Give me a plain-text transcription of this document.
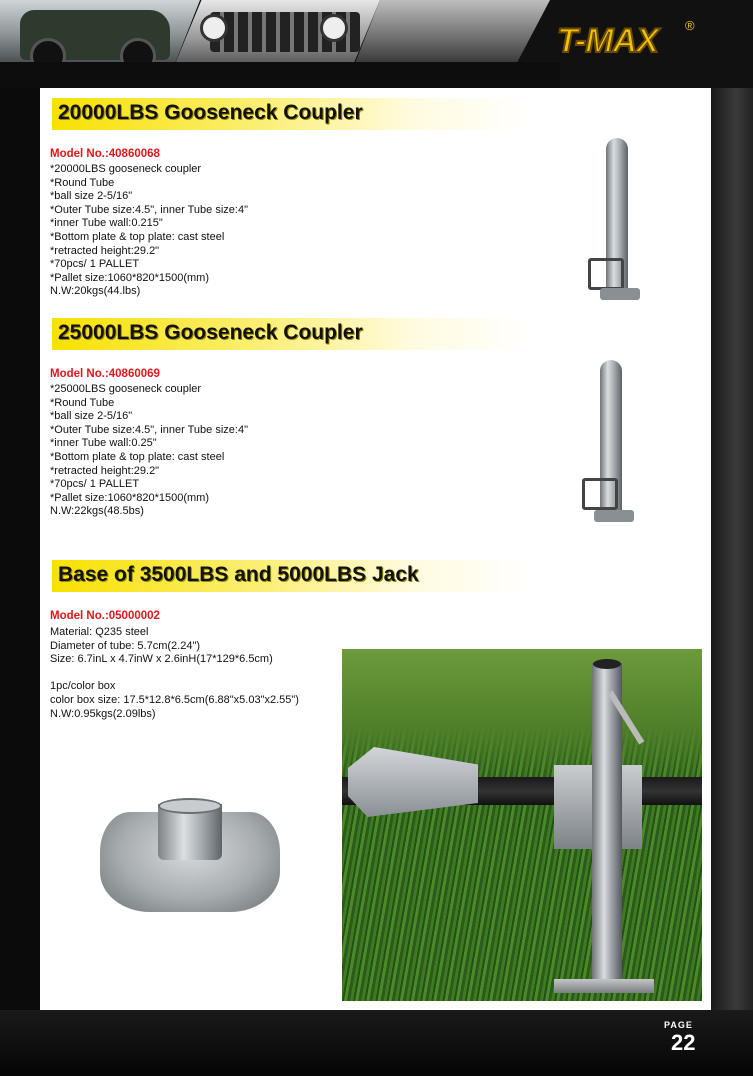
T-MAX ®
20000LBS Gooseneck Coupler
Model No.:40860068
*20000LBS gooseneck coupler
*Round Tube
*ball size 2-5/16"
*Outer Tube size:4.5", inner Tube size:4"
*inner Tube wall:0.215"
*Bottom plate & top plate: cast steel
*retracted height:29.2"
*70pcs/ 1 PALLET
*Pallet size:1060*820*1500(mm)
N.W:20kgs(44.lbs)
25000LBS Gooseneck Coupler
Model No.:40860069
*25000LBS gooseneck coupler
*Round Tube
*ball size 2-5/16"
*Outer Tube size:4.5", inner Tube size:4"
*inner Tube wall:0.25"
*Bottom plate & top plate: cast steel
*retracted height:29.2"
*70pcs/ 1 PALLET
*Pallet size:1060*820*1500(mm)
N.W:22kgs(48.5bs)
Base of 3500LBS and 5000LBS Jack
Model No.:05000002
Material: Q235 steel
Diameter of tube: 5.7cm(2.24")
Size: 6.7inL x 4.7inW x 2.6inH(17*129*6.5cm)
1pc/color box
color box size: 17.5*12.8*6.5cm(6.88"x5.03"x2.55")
N.W:0.95kgs(2.09lbs)
PAGE
22
